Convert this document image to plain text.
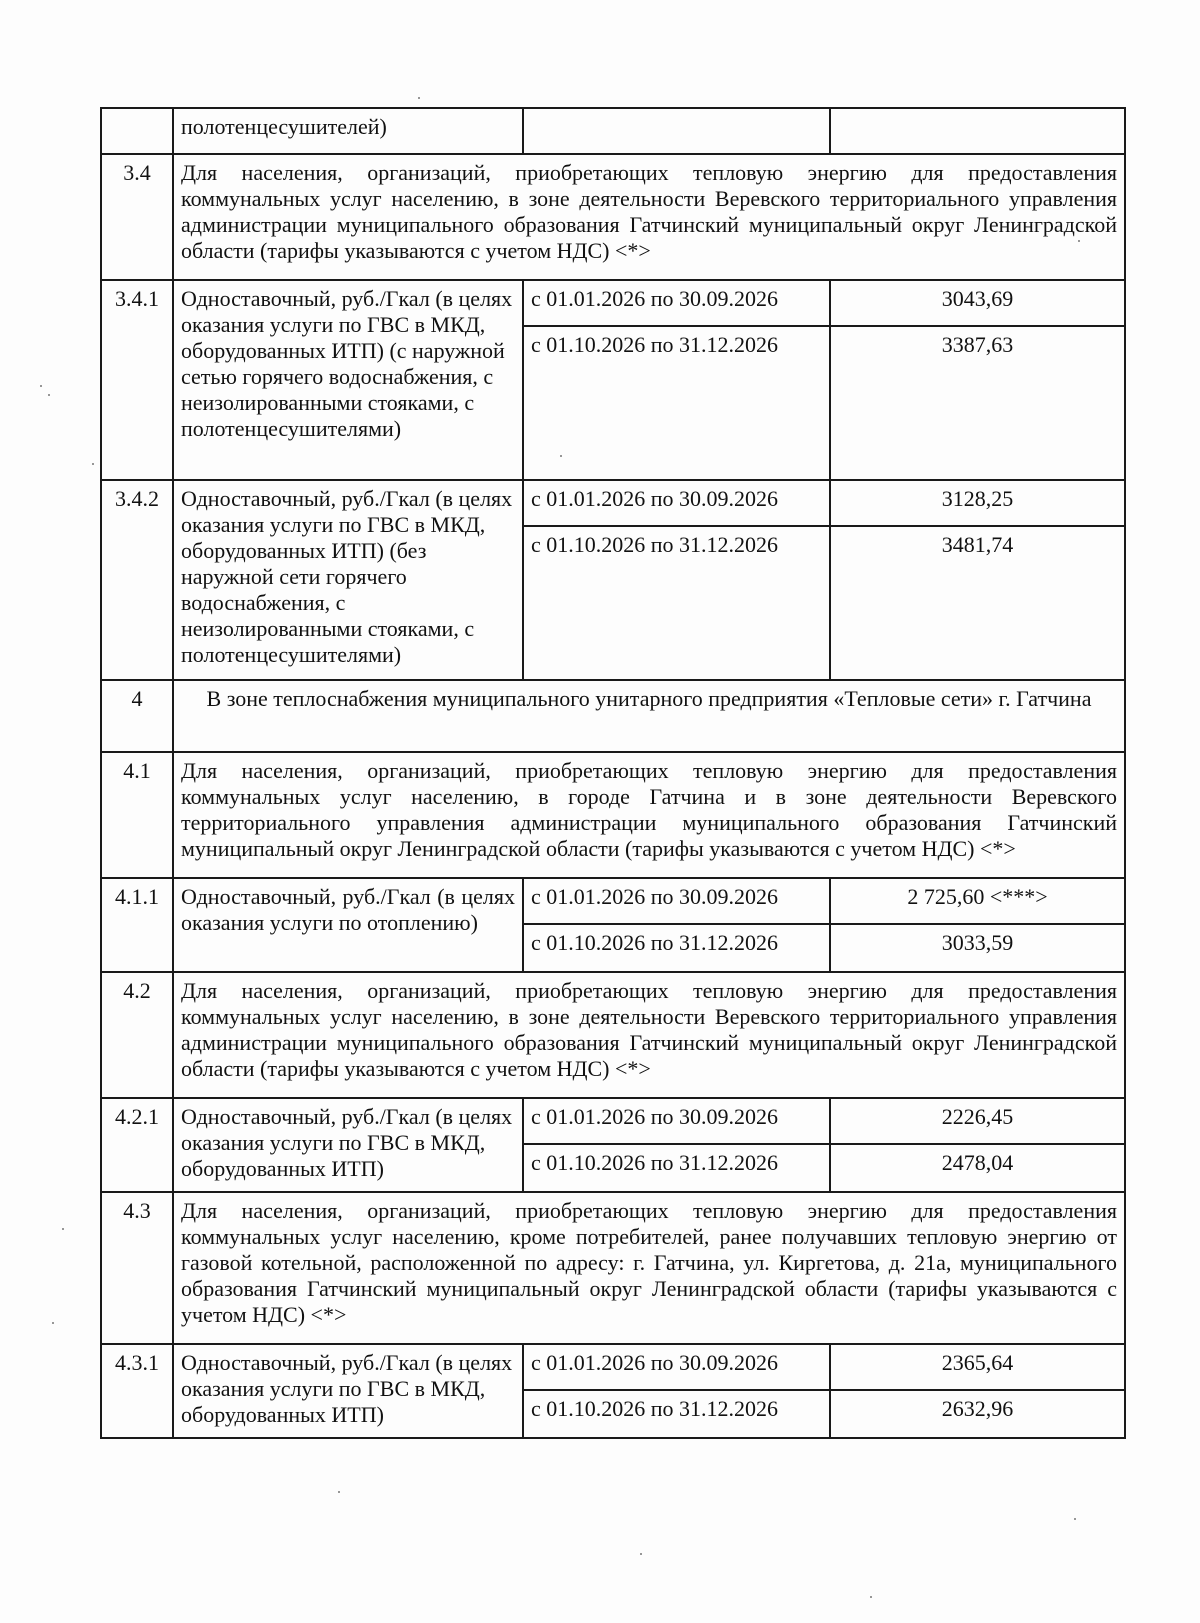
	полотенцесушителей)		
3.4	Для населения, организаций, приобретающих тепловую энергию для предоставления коммунальных услуг населению, в зоне деятельности Веревского территориального управления администрации муниципального образования Гатчинский муниципальный округ Ленинградской области (тарифы указываются с учетом НДС) <*>		
3.4.1	Одноставочный, руб./Гкал (в целях оказания услуги по ГВС в МКД, оборудованных ИТП) (с наружной сетью горячего водоснабжения, с неизолированными стояками, с полотенцесушителями)	с 01.01.2026 по 30.09.2026	3043,69
		с 01.10.2026 по 31.12.2026	3387,63
3.4.2	Одноставочный, руб./Гкал (в целях оказания услуги по ГВС в МКД, оборудованных ИТП) (без наружной сети горячего водоснабжения, с неизолированными стояками, с полотенцесушителями)	с 01.01.2026 по 30.09.2026	3128,25
		с 01.10.2026 по 31.12.2026	3481,74
4	В зоне теплоснабжения муниципального унитарного предприятия «Тепловые сети» г. Гатчина		
4.1	Для населения, организаций, приобретающих тепловую энергию для предоставления коммунальных услуг населению, в городе Гатчина и в зоне деятельности Веревского территориального управления администрации муниципального образования Гатчинский муниципальный округ Ленинградской области (тарифы указываются с учетом НДС) <*>		
4.1.1	Одноставочный, руб./Гкал (в целях оказания услуги по отоплению)	с 01.01.2026 по 30.09.2026	2 725,60 <***>
		с 01.10.2026 по 31.12.2026	3033,59
4.2	Для населения, организаций, приобретающих тепловую энергию для предоставления коммунальных услуг населению, в зоне деятельности Веревского территориального управления администрации муниципального образования Гатчинский муниципальный округ Ленинградской области (тарифы указываются с учетом НДС) <*>		
4.2.1	Одноставочный, руб./Гкал (в целях оказания услуги по ГВС в МКД, оборудованных ИТП)	с 01.01.2026 по 30.09.2026	2226,45
		с 01.10.2026 по 31.12.2026	2478,04
4.3	Для населения, организаций, приобретающих тепловую энергию для предоставления коммунальных услуг населению, кроме потребителей, ранее получавших тепловую энергию от газовой котельной, расположенной по адресу: г. Гатчина, ул. Киргетова, д. 21а, муниципального образования Гатчинский муниципальный округ Ленинградской области (тарифы указываются с учетом НДС) <*>		
4.3.1	Одноставочный, руб./Гкал (в целях оказания услуги по ГВС в МКД, оборудованных ИТП)	с 01.01.2026 по 30.09.2026	2365,64
		с 01.10.2026 по 31.12.2026	2632,96
